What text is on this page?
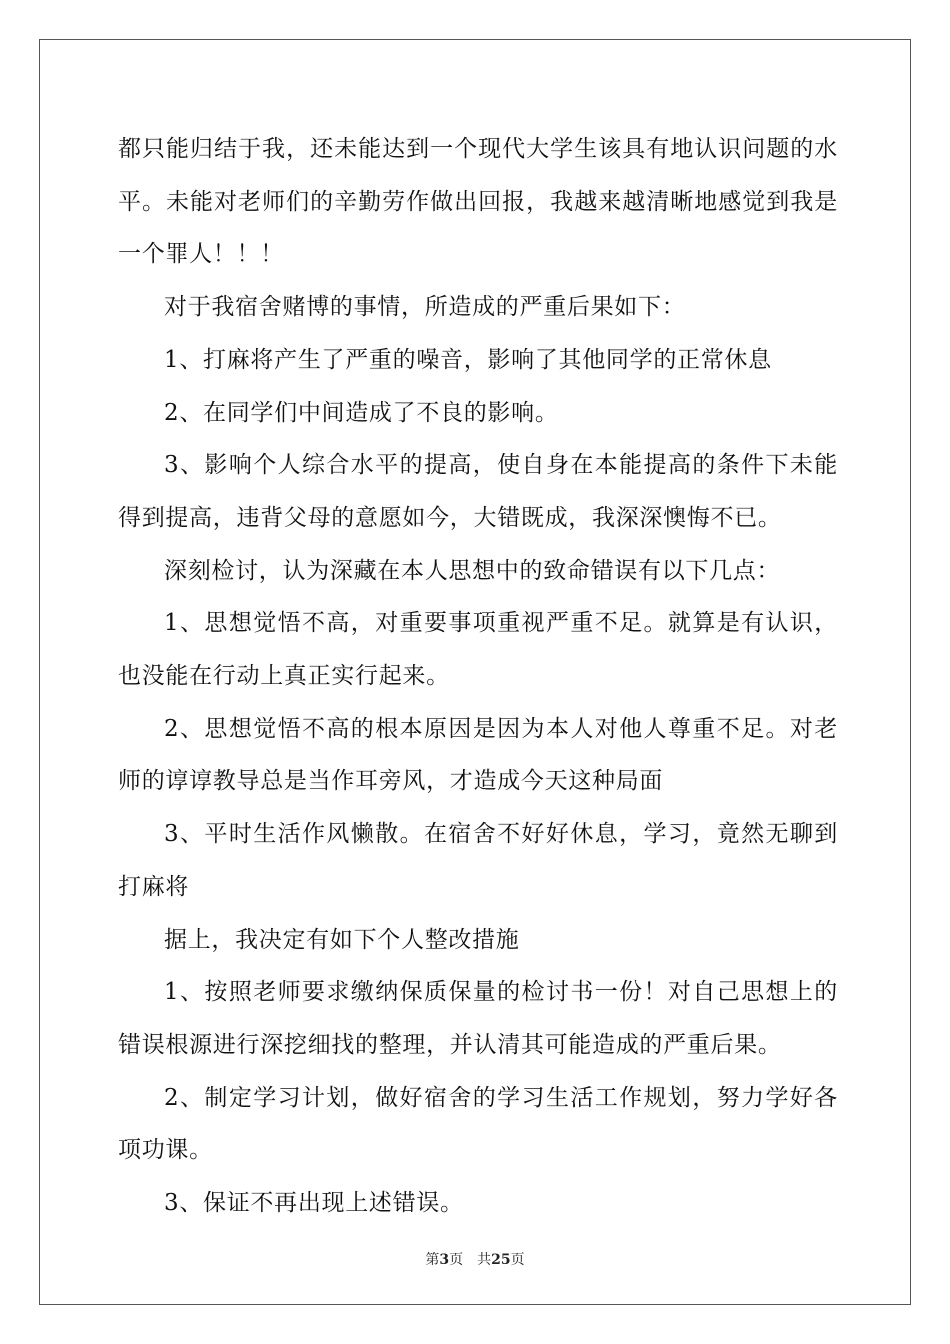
都只能归结于我，还未能达到一个现代大学生该具有地认识问题的水平。未能对老师们的辛勤劳作做出回报，我越来越清晰地感觉到我是一个罪人！！！

对于我宿舍赌博的事情，所造成的严重后果如下：

1、打麻将产生了严重的噪音，影响了其他同学的正常休息

2、在同学们中间造成了不良的影响。

3、影响个人综合水平的提高，使自身在本能提高的条件下未能得到提高，违背父母的意愿如今，大错既成，我深深懊悔不已。

深刻检讨，认为深藏在本人思想中的致命错误有以下几点：

1、思想觉悟不高，对重要事项重视严重不足。就算是有认识，也没能在行动上真正实行起来。

2、思想觉悟不高的根本原因是因为本人对他人尊重不足。对老师的谆谆教导总是当作耳旁风，才造成今天这种局面

3、平时生活作风懒散。在宿舍不好好休息，学习，竟然无聊到打麻将

据上，我决定有如下个人整改措施

1、按照老师要求缴纳保质保量的检讨书一份！对自己思想上的错误根源进行深挖细找的整理，并认清其可能造成的严重后果。

2、制定学习计划，做好宿舍的学习生活工作规划，努力学好各项功课。

3、保证不再出现上述错误。

第3页 共25页
